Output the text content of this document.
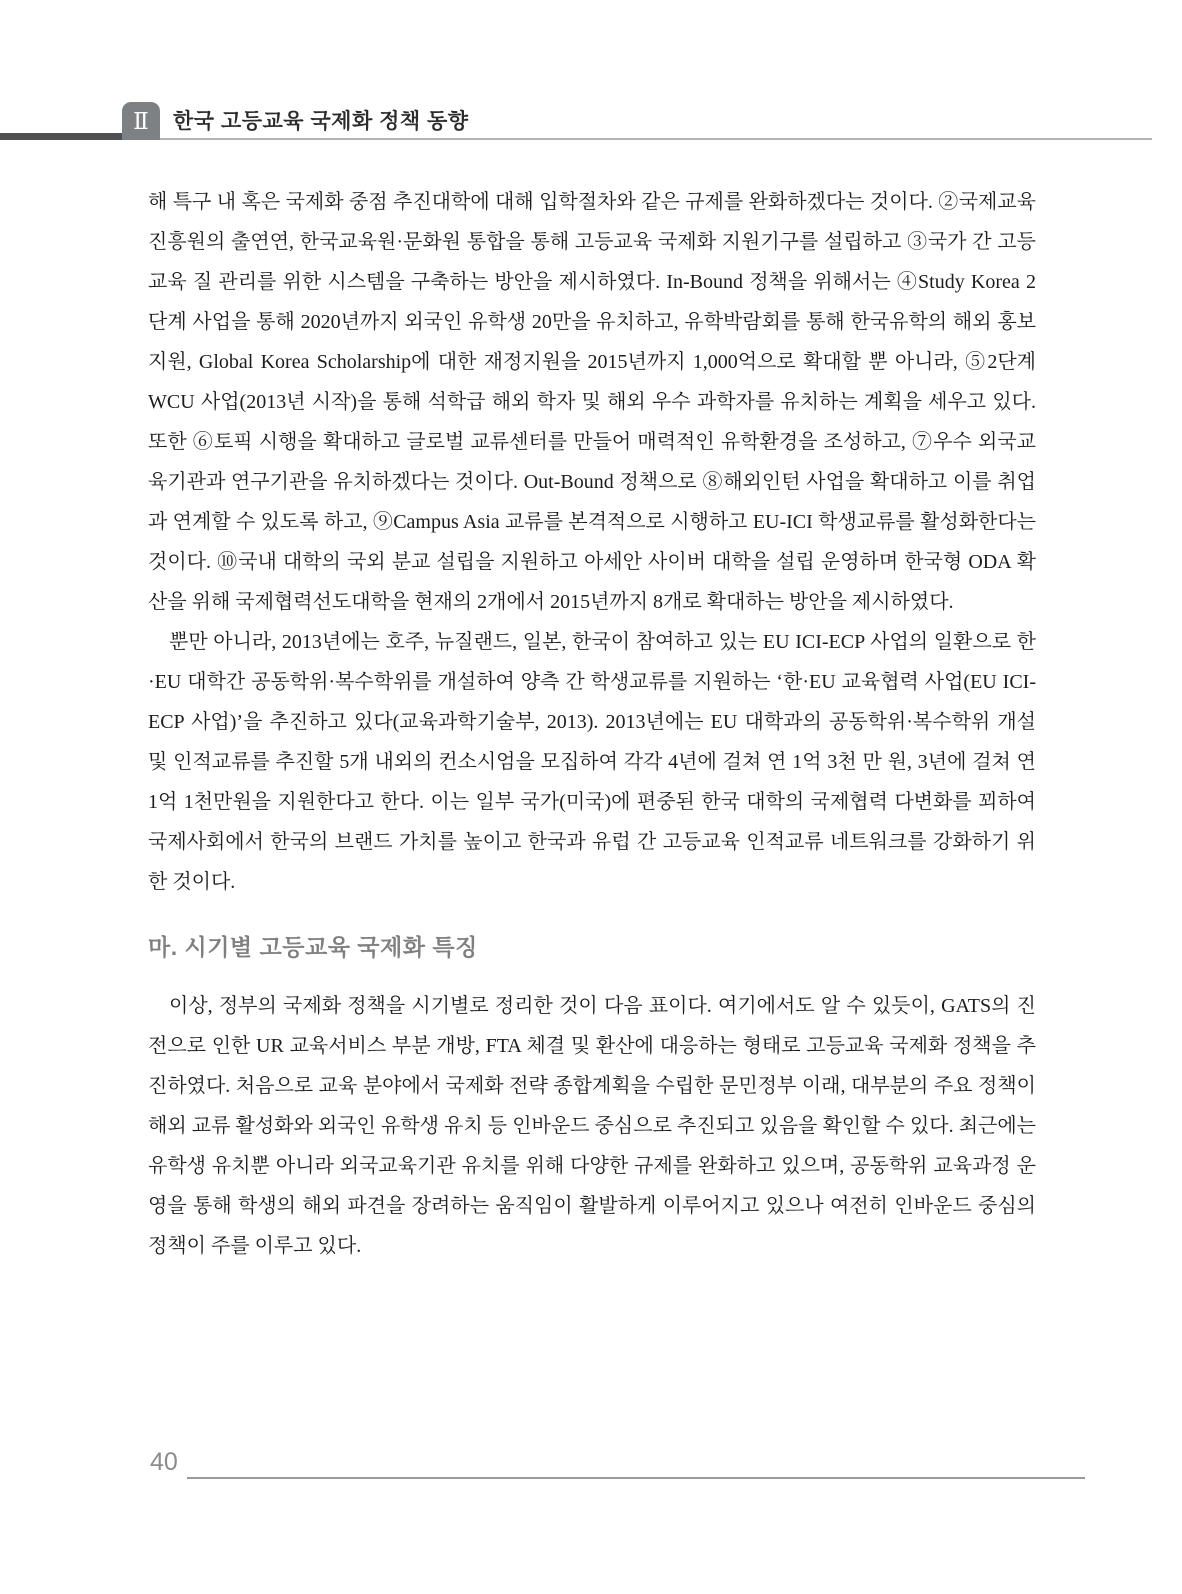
Ⅱ 한국 고등교육 국제화 정책 동향

해 특구 내 혹은 국제화 중점 추진대학에 대해 입학절차와 같은 규제를 완화하겠다는 것이다. ②국제교육진흥원의 출연연, 한국교육원·문화원 통합을 통해 고등교육 국제화 지원기구를 설립하고 ③국가 간 고등교육 질 관리를 위한 시스템을 구축하는 방안을 제시하였다. In-Bound 정책을 위해서는 ④Study Korea 2단계 사업을 통해 2020년까지 외국인 유학생 20만을 유치하고, 유학박람회를 통해 한국유학의 해외 홍보지원, Global Korea Scholarship에 대한 재정지원을 2015년까지 1,000억으로 확대할 뿐 아니라, ⑤2단계 WCU 사업(2013년 시작)을 통해 석학급 해외 학자 및 해외 우수 과학자를 유치하는 계획을 세우고 있다. 또한 ⑥토픽 시행을 확대하고 글로벌 교류센터를 만들어 매력적인 유학환경을 조성하고, ⑦우수 외국교육기관과 연구기관을 유치하겠다는 것이다. Out-Bound 정책으로 ⑧해외인턴 사업을 확대하고 이를 취업과 연계할 수 있도록 하고, ⑨Campus Asia 교류를 본격적으로 시행하고 EU-ICI 학생교류를 활성화한다는 것이다. ⑩국내 대학의 국외 분교 설립을 지원하고 아세안 사이버 대학을 설립 운영하며 한국형 ODA 확산을 위해 국제협력선도대학을 현재의 2개에서 2015년까지 8개로 확대하는 방안을 제시하였다.

뿐만 아니라, 2013년에는 호주, 뉴질랜드, 일본, 한국이 참여하고 있는 EU ICI-ECP 사업의 일환으로 한·EU 대학간 공동학위·복수학위를 개설하여 양측 간 학생교류를 지원하는 ‘한·EU 교육협력 사업(EU ICI-ECP 사업)’을 추진하고 있다(교육과학기술부, 2013). 2013년에는 EU 대학과의 공동학위·복수학위 개설 및 인적교류를 추진할 5개 내외의 컨소시엄을 모집하여 각각 4년에 걸쳐 연 1억 3천 만 원, 3년에 걸쳐 연 1억 1천만원을 지원한다고 한다. 이는 일부 국가(미국)에 편중된 한국 대학의 국제협력 다변화를 꾀하여 국제사회에서 한국의 브랜드 가치를 높이고 한국과 유럽 간 고등교육 인적교류 네트워크를 강화하기 위한 것이다.

마. 시기별 고등교육 국제화 특징

이상, 정부의 국제화 정책을 시기별로 정리한 것이 다음 표이다. 여기에서도 알 수 있듯이, GATS의 진전으로 인한 UR 교육서비스 부분 개방, FTA 체결 및 환산에 대응하는 형태로 고등교육 국제화 정책을 추진하였다. 처음으로 교육 분야에서 국제화 전략 종합계획을 수립한 문민정부 이래, 대부분의 주요 정책이 해외 교류 활성화와 외국인 유학생 유치 등 인바운드 중심으로 추진되고 있음을 확인할 수 있다. 최근에는 유학생 유치뿐 아니라 외국교육기관 유치를 위해 다양한 규제를 완화하고 있으며, 공동학위 교육과정 운영을 통해 학생의 해외 파견을 장려하는 움직임이 활발하게 이루어지고 있으나 여전히 인바운드 중심의 정책이 주를 이루고 있다.

40
